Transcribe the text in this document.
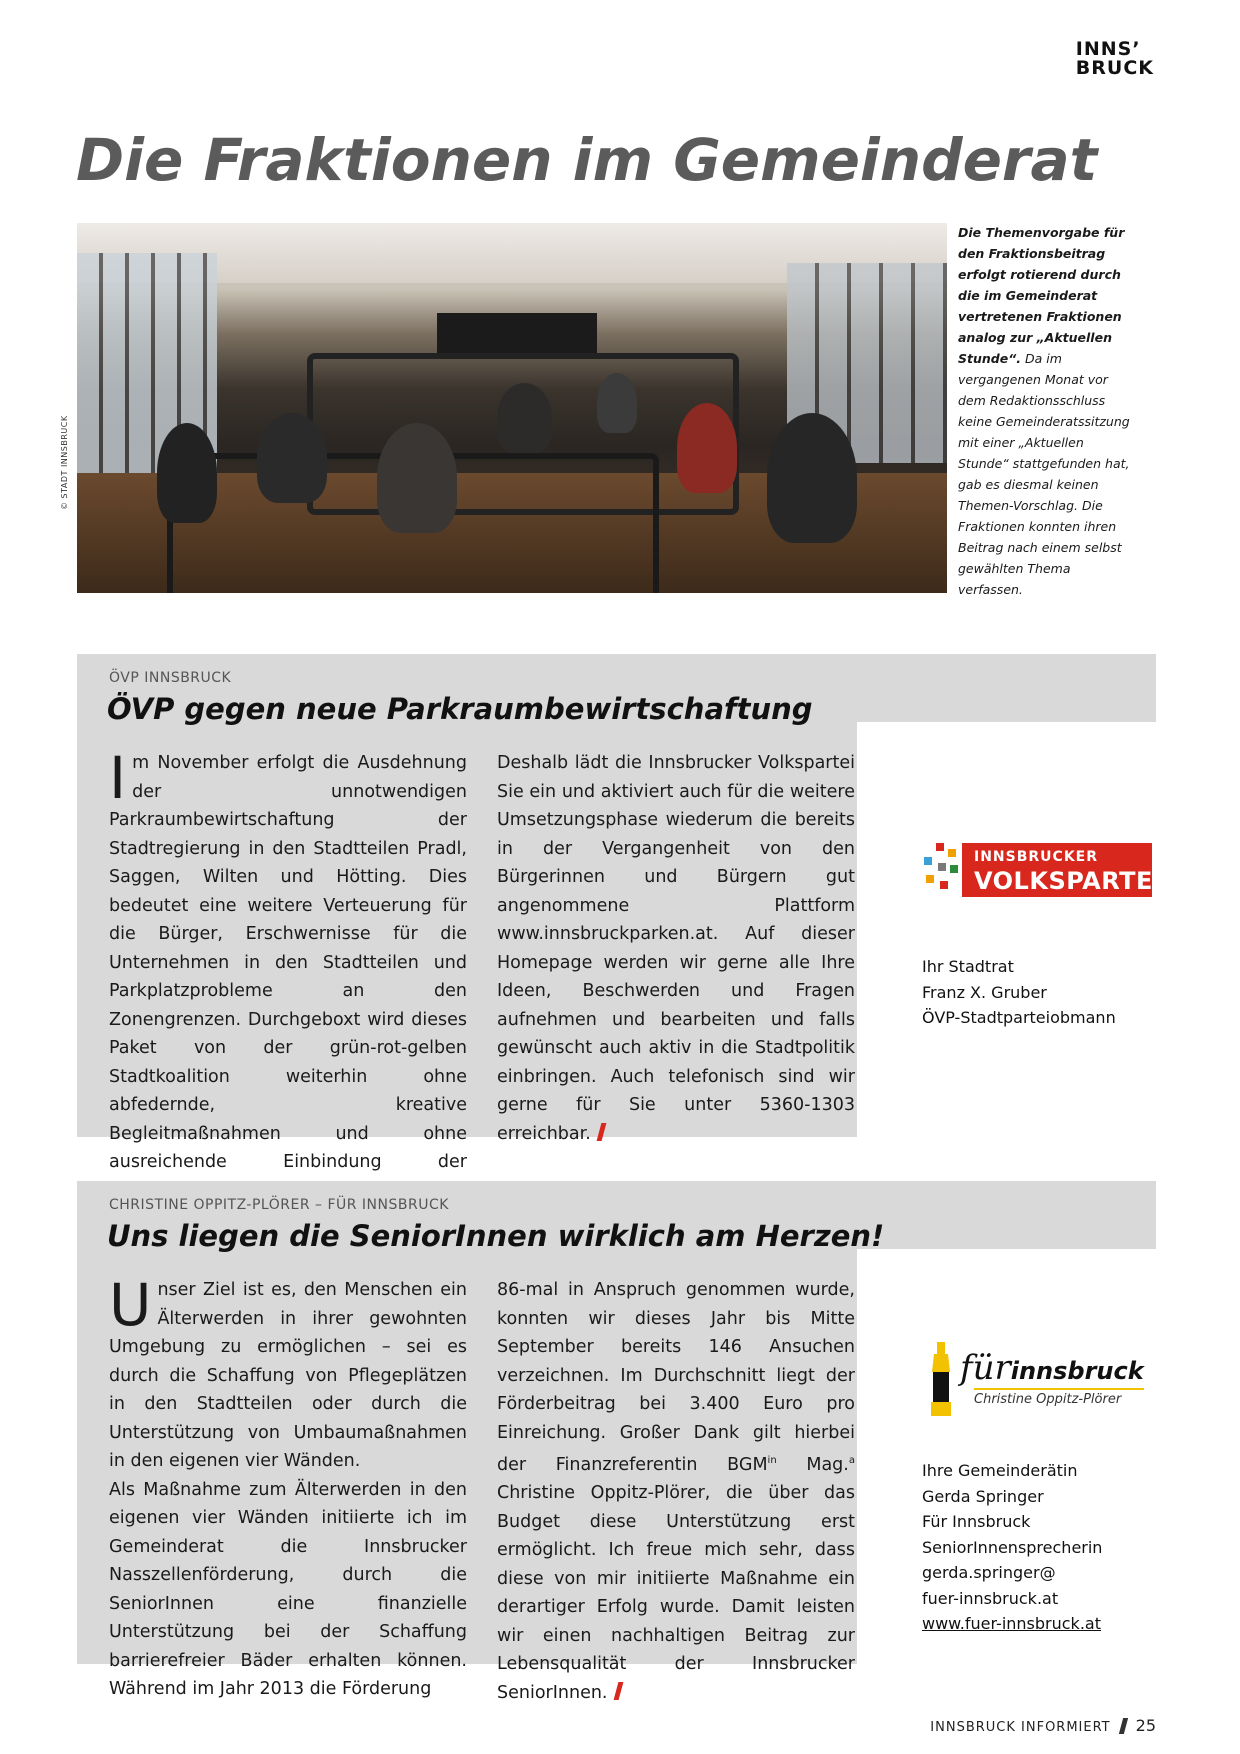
INNS’
BRUCK
Die Fraktionen im Gemeinderat
© STADT INNSBRUCK
Die Themenvorgabe für den Fraktionsbeitrag erfolgt rotierend durch die im Gemeinderat vertretenen Fraktionen analog zur „Aktuellen Stunde“. Da im vergangenen Monat vor dem Redaktionsschluss keine Gemeinderatssitzung mit einer „Aktuellen Stunde“ stattgefunden hat, gab es diesmal keinen Themen-Vorschlag. Die Fraktionen konnten ihren Beitrag nach einem selbst gewählten Thema verfassen.
ÖVP INNSBRUCK
ÖVP gegen neue Parkraumbewirtschaftung
Im November erfolgt die Ausdehnung der unnotwendigen Parkraumbewirtschaftung der Stadtregierung in den Stadtteilen Pradl, Saggen, Wilten und Hötting. Dies bedeutet eine weitere Verteuerung für die Bürger, Erschwernisse für die Unternehmen in den Stadtteilen und Parkplatzprobleme an den Zonengrenzen. Durchgeboxt wird dieses Paket von der grün-rot-gelben Stadtkoalition weiterhin ohne abfedernde, kreative Begleitmaßnahmen und ohne ausreichende Einbindung der
Deshalb lädt die Innsbrucker Volkspartei Sie ein und aktiviert auch für die weitere Umsetzungsphase wiederum die bereits in der Vergangenheit von den Bürgerinnen und Bürgern gut angenommene Plattform www.innsbruckparken.at. Auf dieser Homepage werden wir gerne alle Ihre Ideen, Beschwerden und Fragen aufnehmen und bearbeiten und falls gewünscht auch aktiv in die Stadtpolitik einbringen. Auch telefonisch sind wir gerne für Sie unter 5360-1303 erreichbar.
INNSBRUCKER
VOLKSPARTEI
Ihr Stadtrat
Franz X. Gruber
ÖVP-Stadtparteiobmann
CHRISTINE OPPITZ-PLÖRER – FÜR INNSBRUCK
Uns liegen die SeniorInnen wirklich am Herzen!
Unser Ziel ist es, den Menschen ein Älterwerden in ihrer gewohnten Umgebung zu ermöglichen – sei es durch die Schaffung von Pflegeplätzen in den Stadtteilen oder durch die Unterstützung von Umbaumaßnahmen in den eigenen vier Wänden.
Als Maßnahme zum Älterwerden in den eigenen vier Wänden initiierte ich im Gemeinderat die Innsbrucker Nasszellenförderung, durch die SeniorInnen eine finanzielle Unterstützung bei der Schaffung barrierefreier Bäder erhalten können. Während im Jahr 2013 die Förderung
86-mal in Anspruch genommen wurde, konnten wir dieses Jahr bis Mitte September bereits 146 Ansuchen verzeichnen. Im Durchschnitt liegt der Förderbeitrag bei 3.400 Euro pro Einreichung. Großer Dank gilt hierbei der Finanzreferentin $BGM^{in}$ Mag.$^a$ Christine Oppitz-Plörer, die über das Budget diese Unterstützung erst ermöglicht. Ich freue mich sehr, dass diese von mir initiierte Maßnahme ein derartiger Erfolg wurde. Damit leisten wir einen nachhaltigen Beitrag zur Lebensqualität der Innsbrucker SeniorInnen.
fürinnsbruck
Christine Oppitz-Plörer
Ihre Gemeinderätin
Gerda Springer
Für Innsbruck
SeniorInnensprecherin
gerda.springer@
fuer-innsbruck.at
www.fuer-innsbruck.at
INNSBRUCK INFORMIERT 25
